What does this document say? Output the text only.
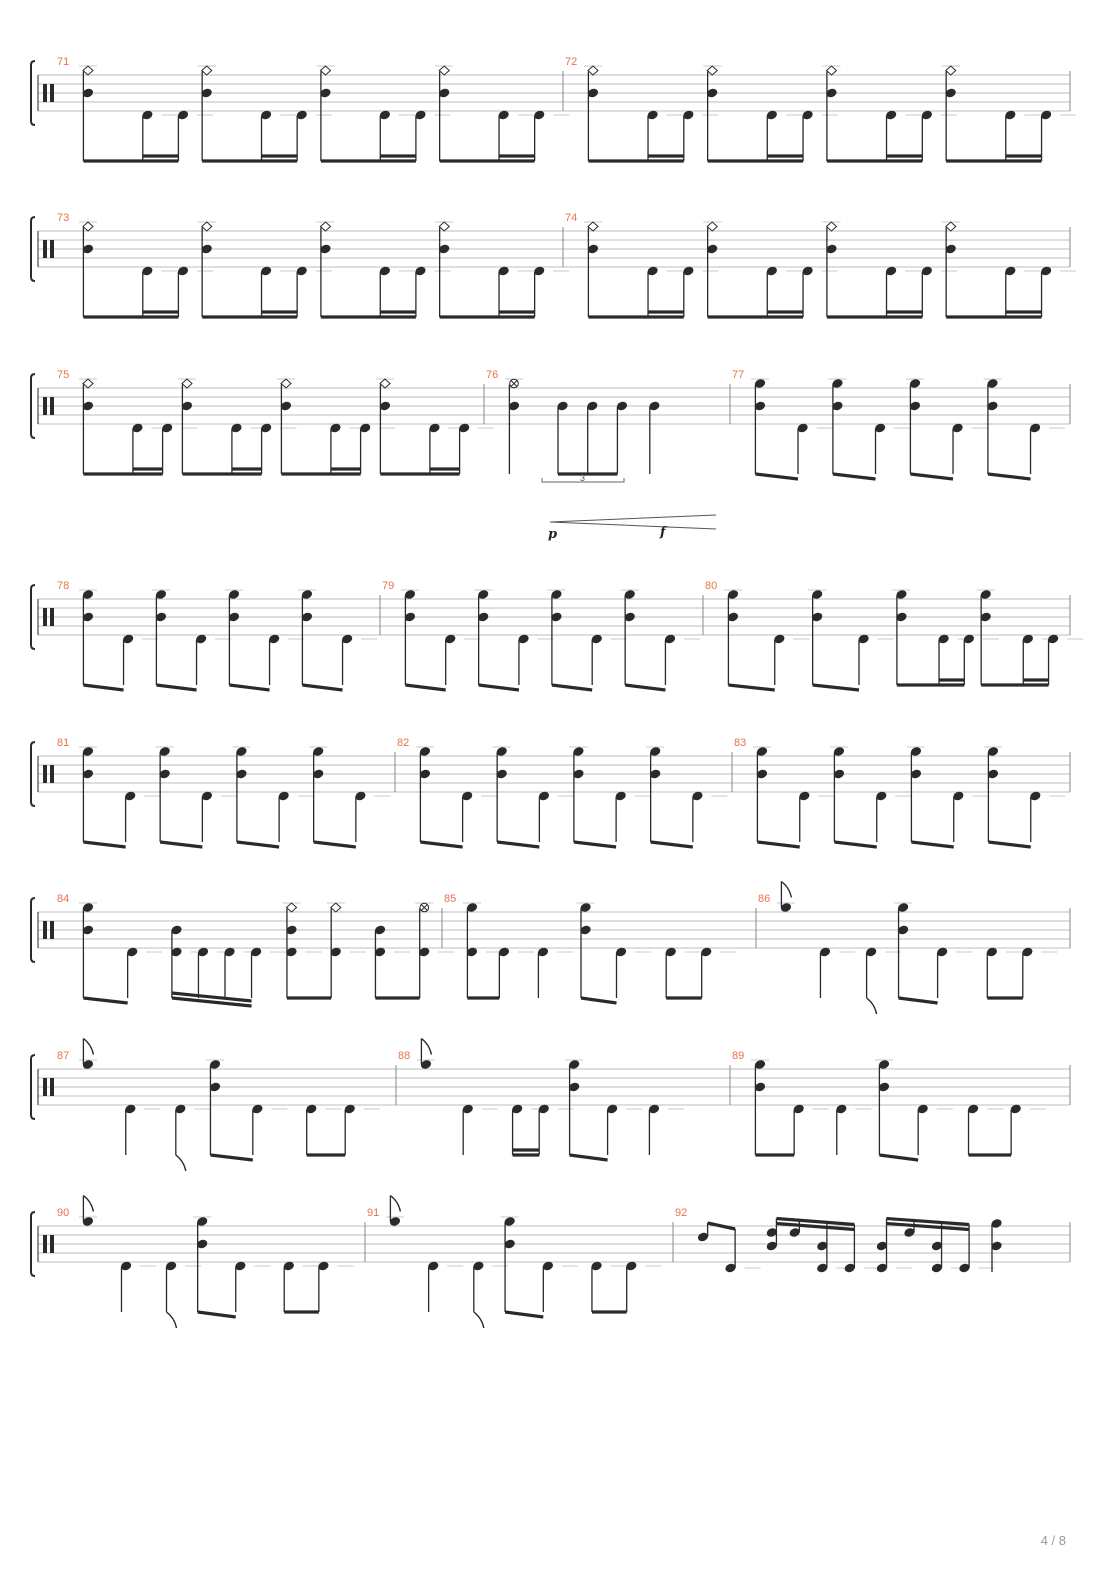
71	72
73	74
75	76
3
p	f
77
78	79	80
81	82	83
84	85	86
87	88	89
90	91	92
4 / 8
